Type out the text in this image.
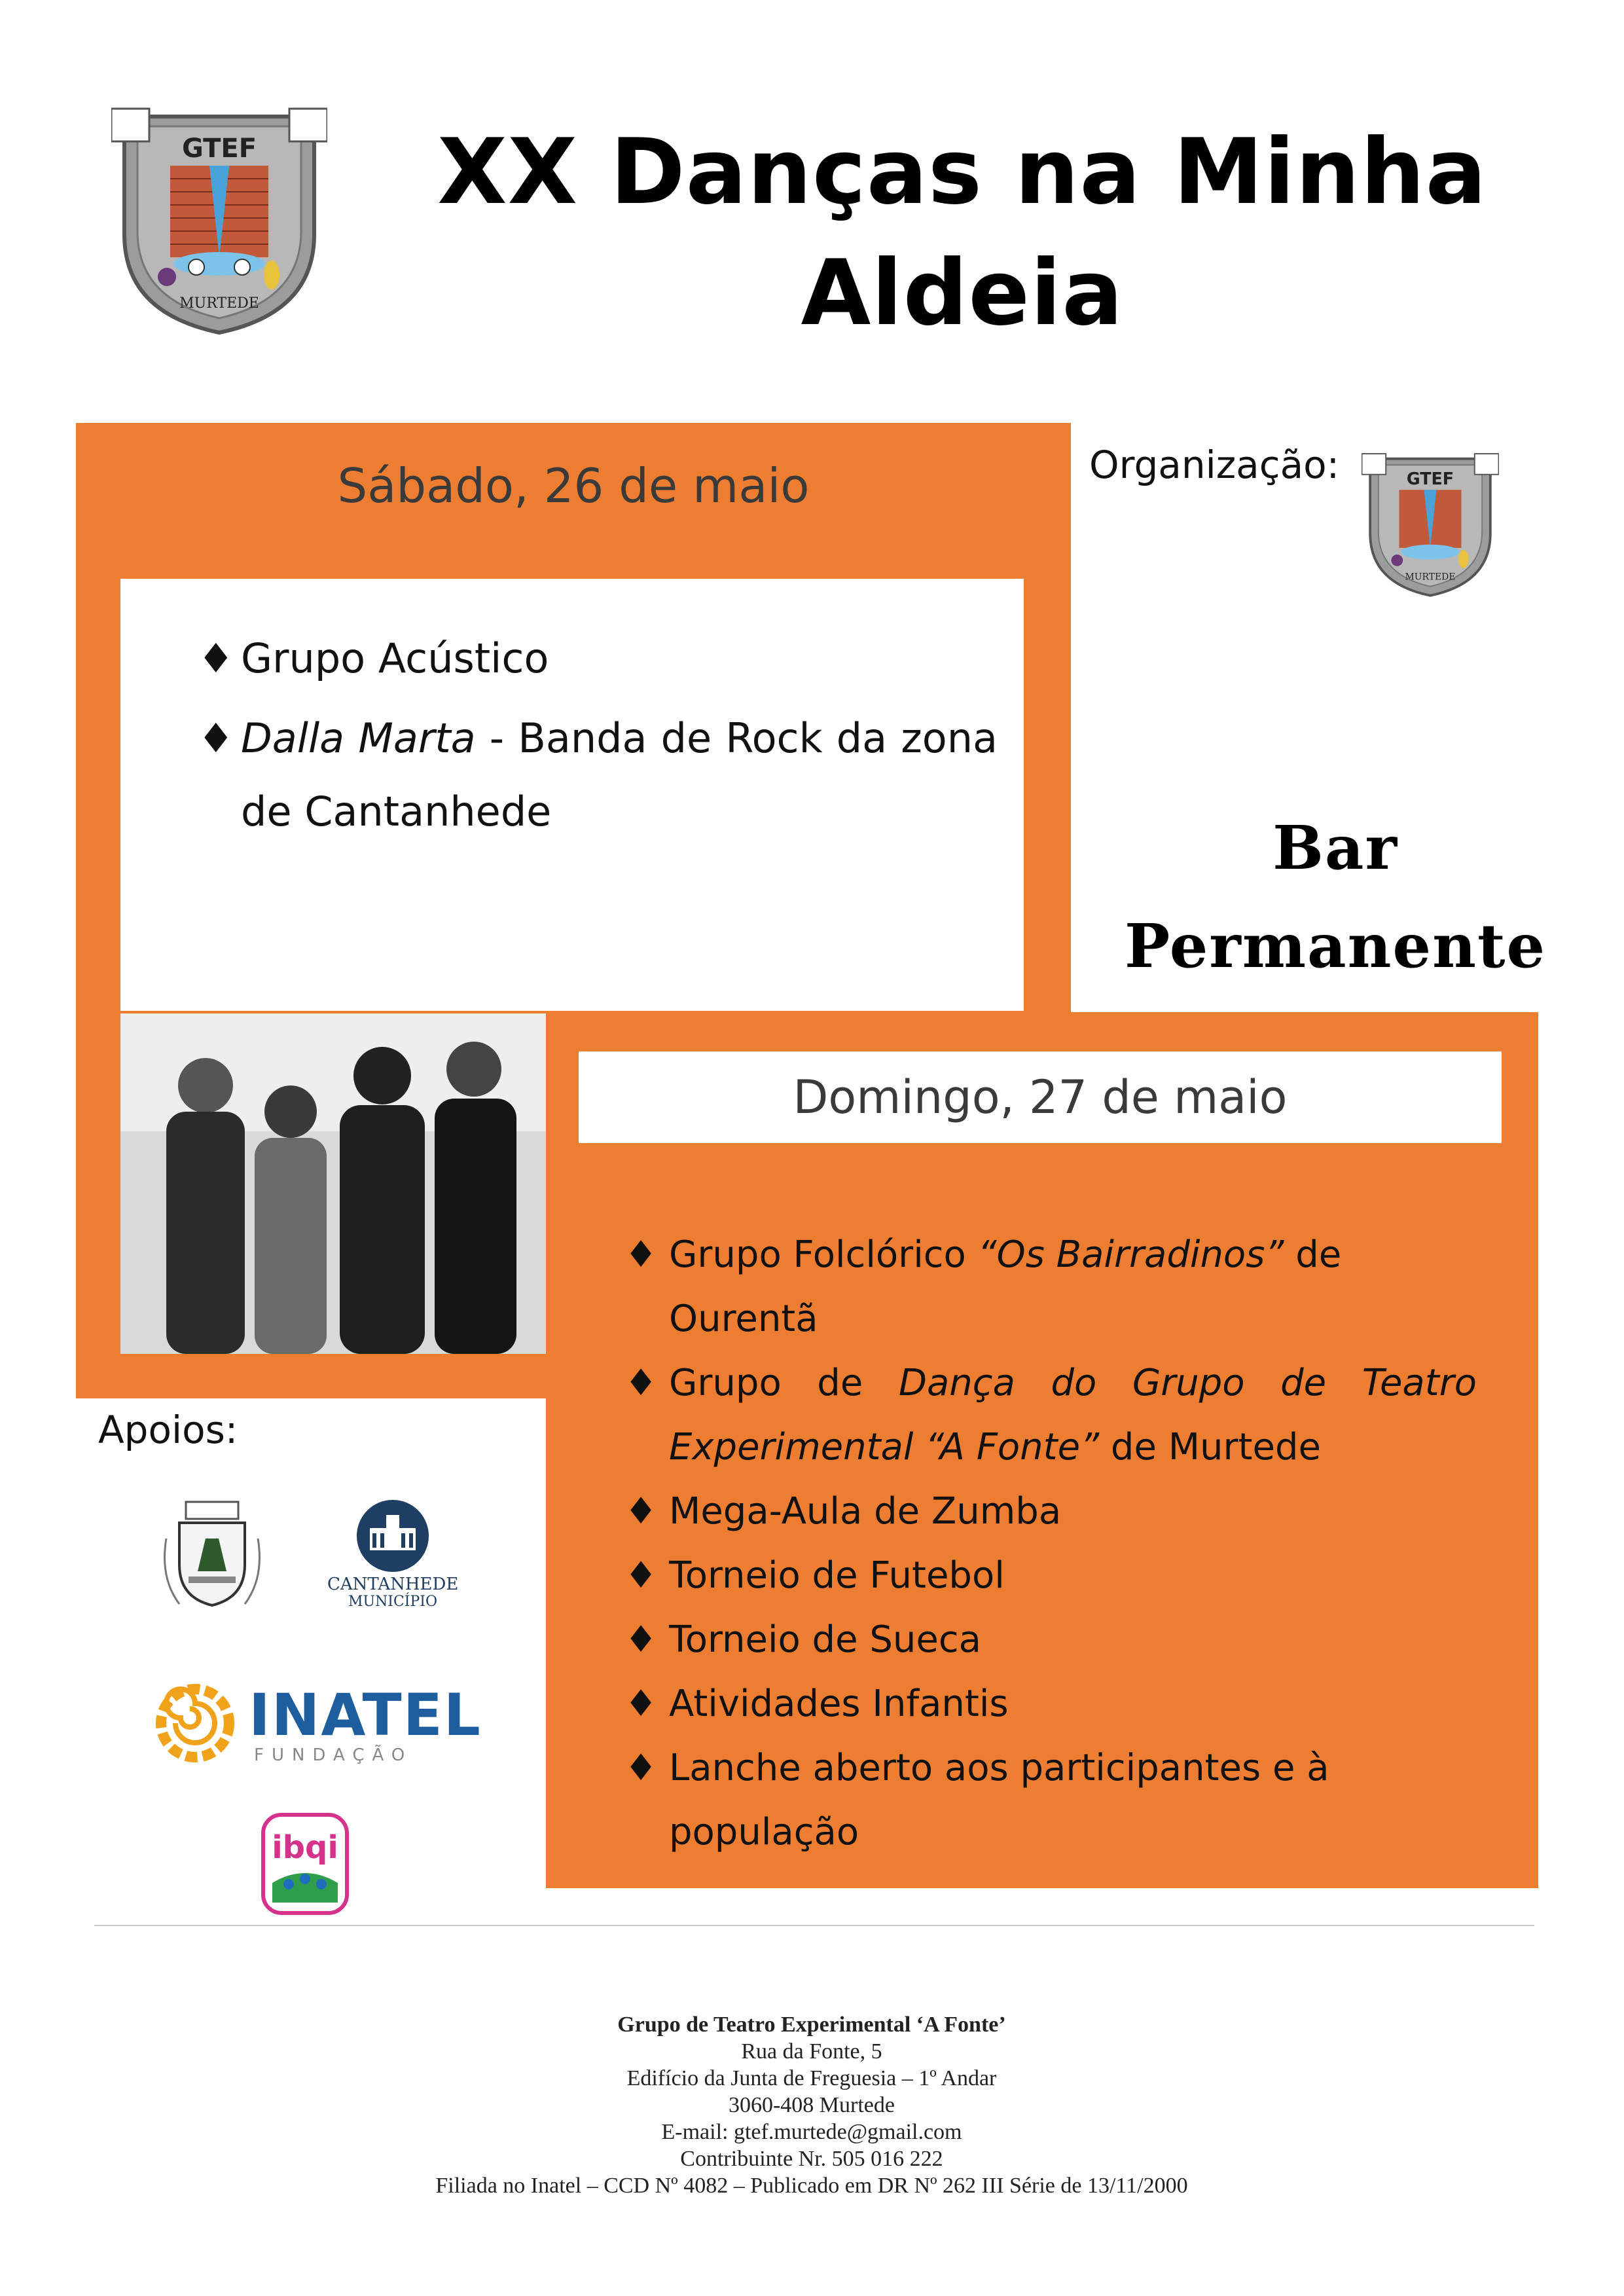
GTEF
MURTEDE
XX Danças na Minha
Aldeia
Sábado, 26 de maio
♦ Grupo Acústico
♦ Dalla Marta - Banda de Rock da zona de Cantanhede
Organização:	GTEF
MURTEDE
Bar
Permanente
Domingo, 27 de maio
♦ Grupo Folclórico “Os Bairradinos” de Ourentã
♦ Grupo de Dança do Grupo de Teatro Experimental “A Fonte” de Murtede
♦ Mega-Aula de Zumba
♦ Torneio de Futebol
♦ Torneio de Sueca
♦ Atividades Infantis
♦ Lanche aberto aos participantes e à população
Apoios:
CANTANHEDE
MUNICÍPIO
INATEL
FUNDAÇÃO
ibqi
Grupo de Teatro Experimental ‘A Fonte’
Rua da Fonte, 5
Edifício da Junta de Freguesia – 1º Andar
3060-408 Murtede
E-mail: gtef.murtede@gmail.com
Contribuinte Nr. 505 016 222
Filiada no Inatel – CCD Nº 4082 – Publicado em DR Nº 262 III Série de 13/11/2000
